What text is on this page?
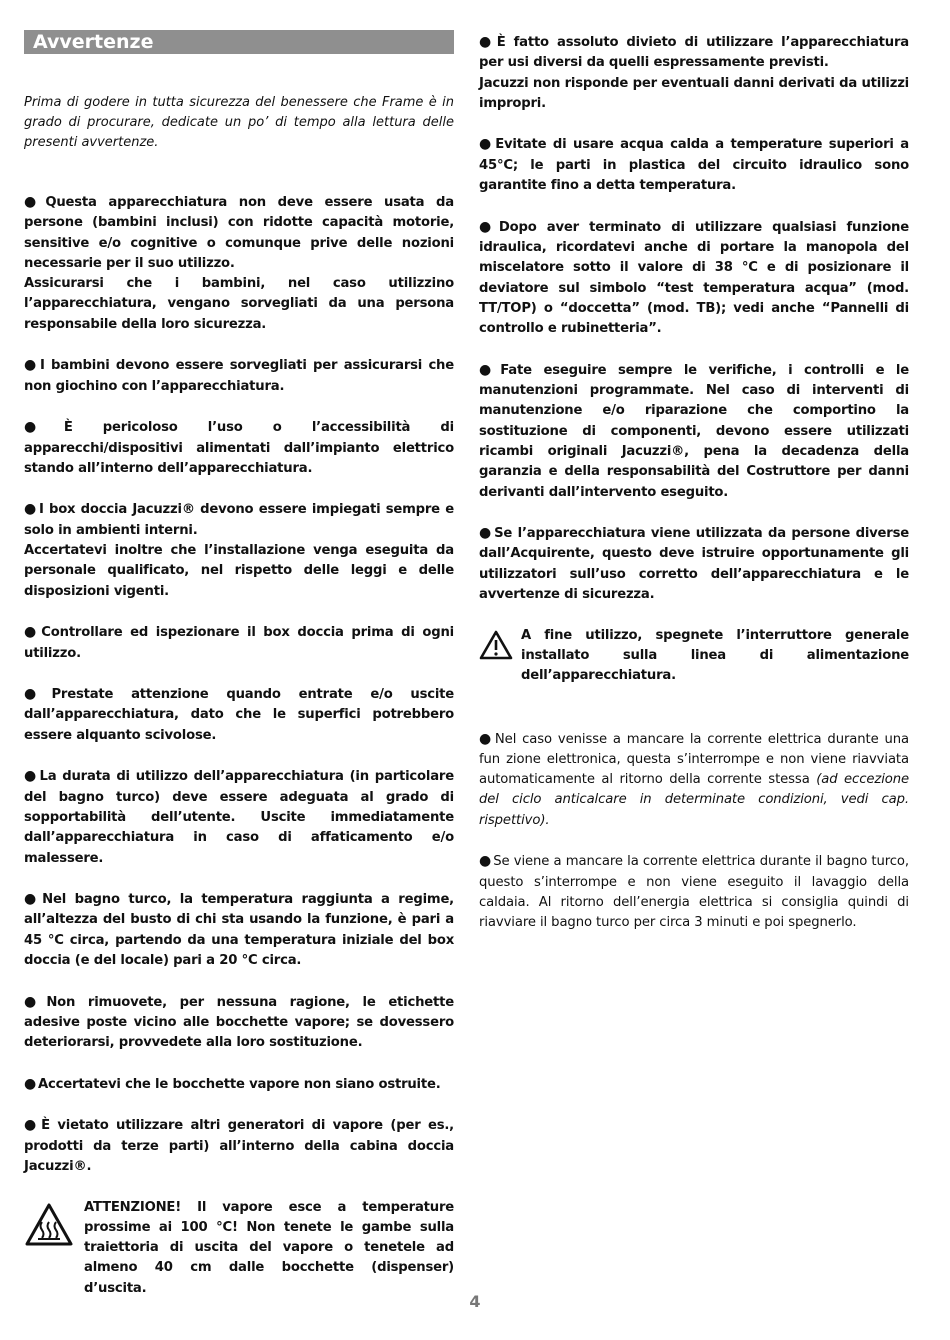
Avvertenze

Prima di godere in tutta sicurezza del benessere che Frame è in grado di procurare, dedicate un po’ di tempo alla lettura delle presenti avvertenze.

● Questa apparecchiatura non deve essere usata da persone (bambini inclusi) con ridotte capacità motorie, sensitive e/o cognitive o comunque prive delle nozioni necessarie per il suo utilizzo.

Assicurarsi che i bambini, nel caso utilizzino l’apparecchiatura, vengano sorvegliati da una persona responsabile della loro sicurezza.

● I bambini devono essere sorvegliati per assicurarsi che non giochino con l’apparecchiatura.

● È pericoloso l’uso o l’accessibilità di apparecchi/dispositivi alimentati dall’impianto elettrico stando all’interno dell’apparecchiatura.

● I box doccia Jacuzzi® devono essere impiegati sempre e solo in ambienti interni.

Accertatevi inoltre che l’installazione venga eseguita da personale qualificato, nel rispetto delle leggi e delle disposizioni vigenti.

● Controllare ed ispezionare il box doccia prima di ogni utilizzo.

● Prestate attenzione quando entrate e/o uscite dall’apparecchiatura, dato che le superfici potrebbero essere alquanto scivolose.

● La durata di utilizzo dell’apparecchiatura (in particolare del bagno turco) deve essere adeguata al grado di sopportabilità dell’utente. Uscite immediatamente dall’apparecchiatura in caso di affaticamento e/o malessere.

● Nel bagno turco, la temperatura raggiunta a regime, all’altezza del busto di chi sta usando la funzione, è pari a 45 °C circa, partendo da una temperatura iniziale del box doccia (e del locale) pari a 20 °C circa.

● Non rimuovete, per nessuna ragione, le etichette adesive poste vicino alle bocchette vapore; se dovessero deteriorarsi, provvedete alla loro sostituzione.

● Accertatevi che le bocchette vapore non siano ostruite.

● È vietato utilizzare altri generatori di vapore (per es., prodotti da terze parti) all’interno della cabina doccia Jacuzzi®.

ATTENZIONE! Il vapore esce a temperature prossime ai 100 °C! Non tenete le gambe sulla traiettoria di uscita del vapore o tenetele ad almeno 40 cm dalle bocchette (dispenser) d’uscita.

● È fatto assoluto divieto di utilizzare l’apparecchiatura per usi diversi da quelli espressamente previsti.

Jacuzzi non risponde per eventuali danni derivati da utilizzi impropri.

● Evitate di usare acqua calda a temperature superiori a 45°C; le parti in plastica del circuito idraulico sono garantite fino a detta temperatura.

● Dopo aver terminato di utilizzare qualsiasi funzione idraulica, ricordatevi anche di portare la manopola del miscelatore sotto il valore di 38 °C e di posizionare il deviatore sul simbolo “test temperatura acqua” (mod. TT/TOP) o “doccetta” (mod. TB); vedi anche “Pannelli di controllo e rubinetteria”.

● Fate eseguire sempre le verifiche, i controlli e le manutenzioni programmate. Nel caso di interventi di manutenzione e/o riparazione che comportino la sostituzione di componenti, devono essere utilizzati ricambi originali Jacuzzi®, pena la decadenza della garanzia e della responsabilità del Costruttore per danni derivanti dall’intervento eseguito.

● Se l’apparecchiatura viene utilizzata da persone diverse dall’Acquirente, questo deve istruire opportunamente gli utilizzatori sull’uso corretto dell’apparecchiatura e le avvertenze di sicurezza.

A fine utilizzo, spegnete l’interruttore generale installato sulla linea di alimentazione dell’apparecchiatura.

● Nel caso venisse a mancare la corrente elettrica durante una fun zione elettronica, questa s’interrompe e non viene riavviata automaticamente al ritorno della corrente stessa (ad eccezione del ciclo anticalcare in determinate condizioni, vedi cap. rispettivo).

● Se viene a mancare la corrente elettrica durante il bagno turco, questo s’interrompe e non viene eseguito il lavaggio della caldaia. Al ritorno dell’energia elettrica si consiglia quindi di riavviare il bagno turco per circa 3 minuti e poi spegnerlo.

4
